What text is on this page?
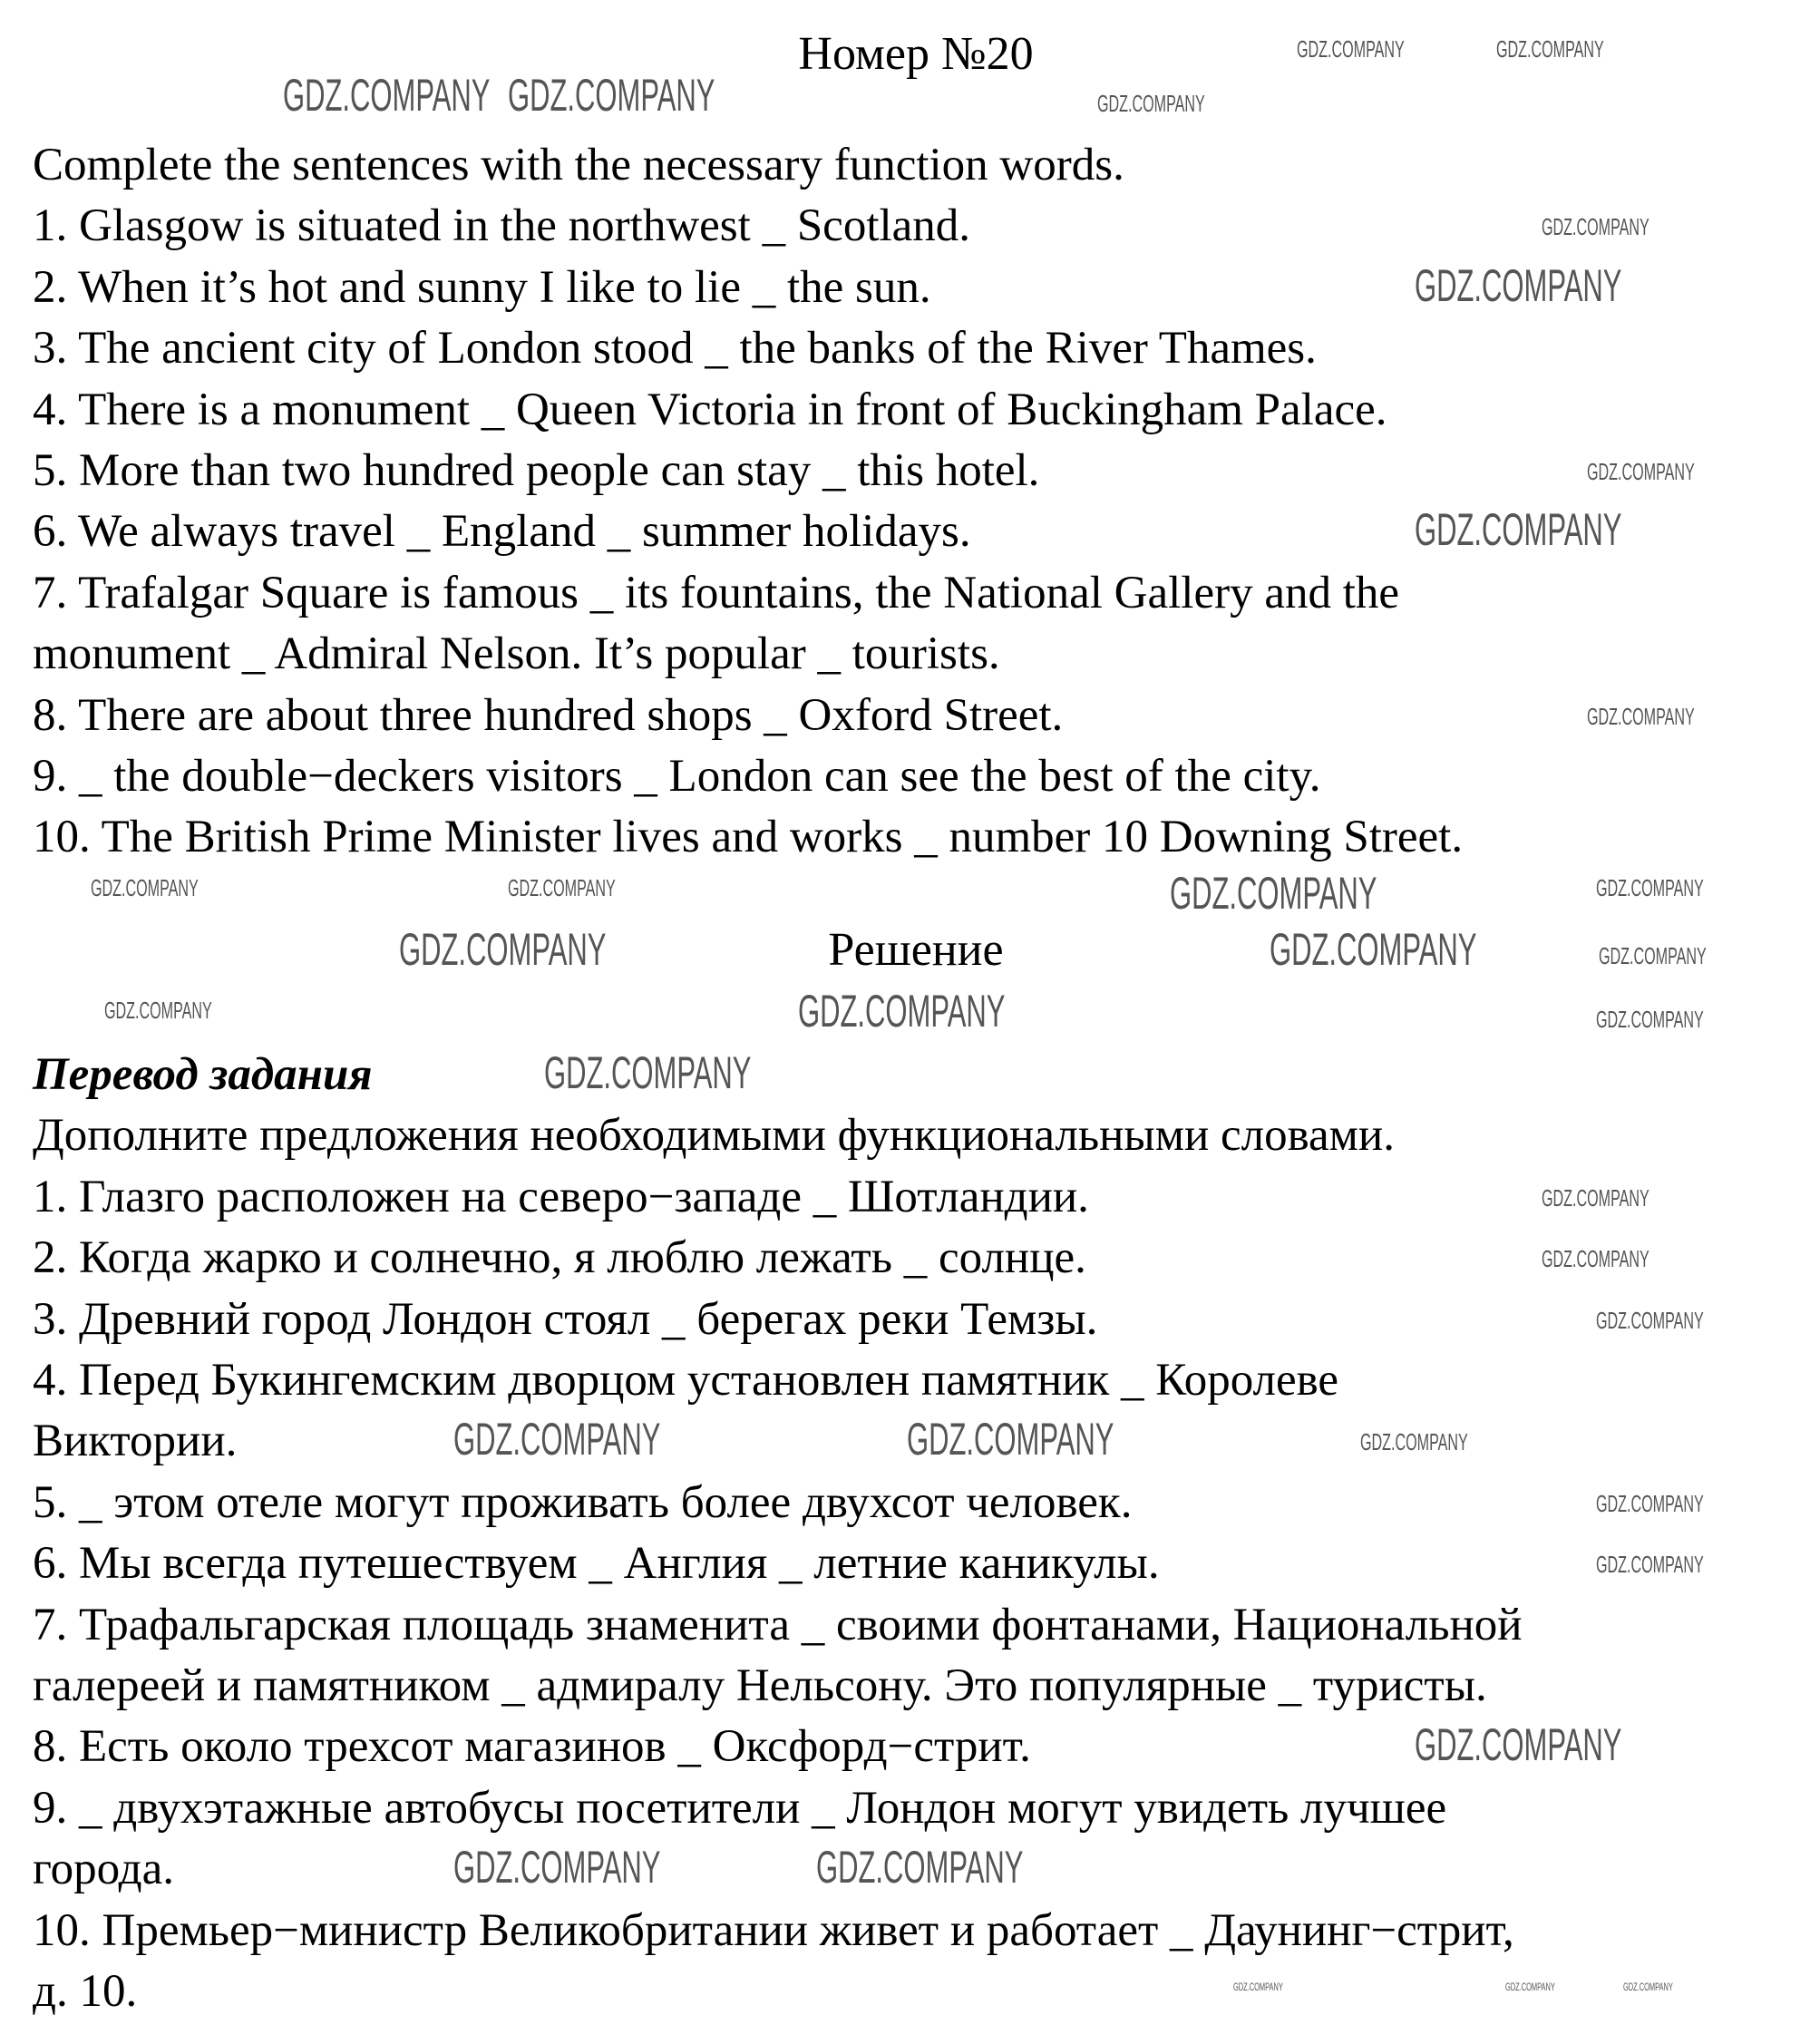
Номер №20
Complete the sentences with the necessary function words.
1. Glasgow is situated in the northwest _ Scotland.
2. When it’s hot and sunny I like to lie _ the sun.
3. The ancient city of London stood _ the banks of the River Thames.
4. There is a monument _ Queen Victoria in front of Buckingham Palace.
5. More than two hundred people can stay _ this hotel.
6. We always travel _ England _ summer holidays.
7. Trafalgar Square is famous _ its fountains, the National Gallery and the
monument _ Admiral Nelson. It’s popular _ tourists.
8. There are about three hundred shops _ Oxford Street.
9. _ the double−deckers visitors _ London can see the best of the city.
10. The British Prime Minister lives and works _ number 10 Downing Street.
Решение
Перевод задания
Дополните предложения необходимыми функциональными словами.
1. Глазго расположен на северо−западе _ Шотландии.
2. Когда жарко и солнечно, я люблю лежать _ солнце.
3. Древний город Лондон стоял _ берегах реки Темзы.
4. Перед Букингемским дворцом установлен памятник _ Королеве
Виктории.
5. _ этом отеле могут проживать более двухсот человек.
6. Мы всегда путешествуем _ Англия _ летние каникулы.
7. Трафальгарская площадь знаменита _ своими фонтанами, Национальной
галереей и памятником _ адмиралу Нельсону. Это популярные _ туристы.
8. Есть около трехсот магазинов _ Оксфорд−стрит.
9. _ двухэтажные автобусы посетители _ Лондон могут увидеть лучшее
города.
10. Премьер−министр Великобритании живет и работает _ Даунинг−стрит,
д. 10.
GDZ.COMPANY GDZ.COMPANY
GDZ.COMPANY	GDZ.COMPANY
GDZ.COMPANY
GDZ.COMPANY
GDZ.COMPANY
GDZ.COMPANY
GDZ.COMPANY
GDZ.COMPANY
GDZ.COMPANY	GDZ.COMPANY	GDZ.COMPANY
GDZ.COMPANY
GDZ.COMPANY	GDZ.COMPANY
GDZ.COMPANY
GDZ.COMPANY
GDZ.COMPANY	GDZ.COMPANY
GDZ.COMPANY
GDZ.COMPANY
GDZ.COMPANY
GDZ.COMPANY
GDZ.COMPANY	GDZ.COMPANY	GDZ.COMPANY
GDZ.COMPANY
GDZ.COMPANY
GDZ.COMPANY
GDZ.COMPANY	GDZ.COMPANY
GDZ.COMPANY	GDZ.COMPANY	GDZ.COMPANY
